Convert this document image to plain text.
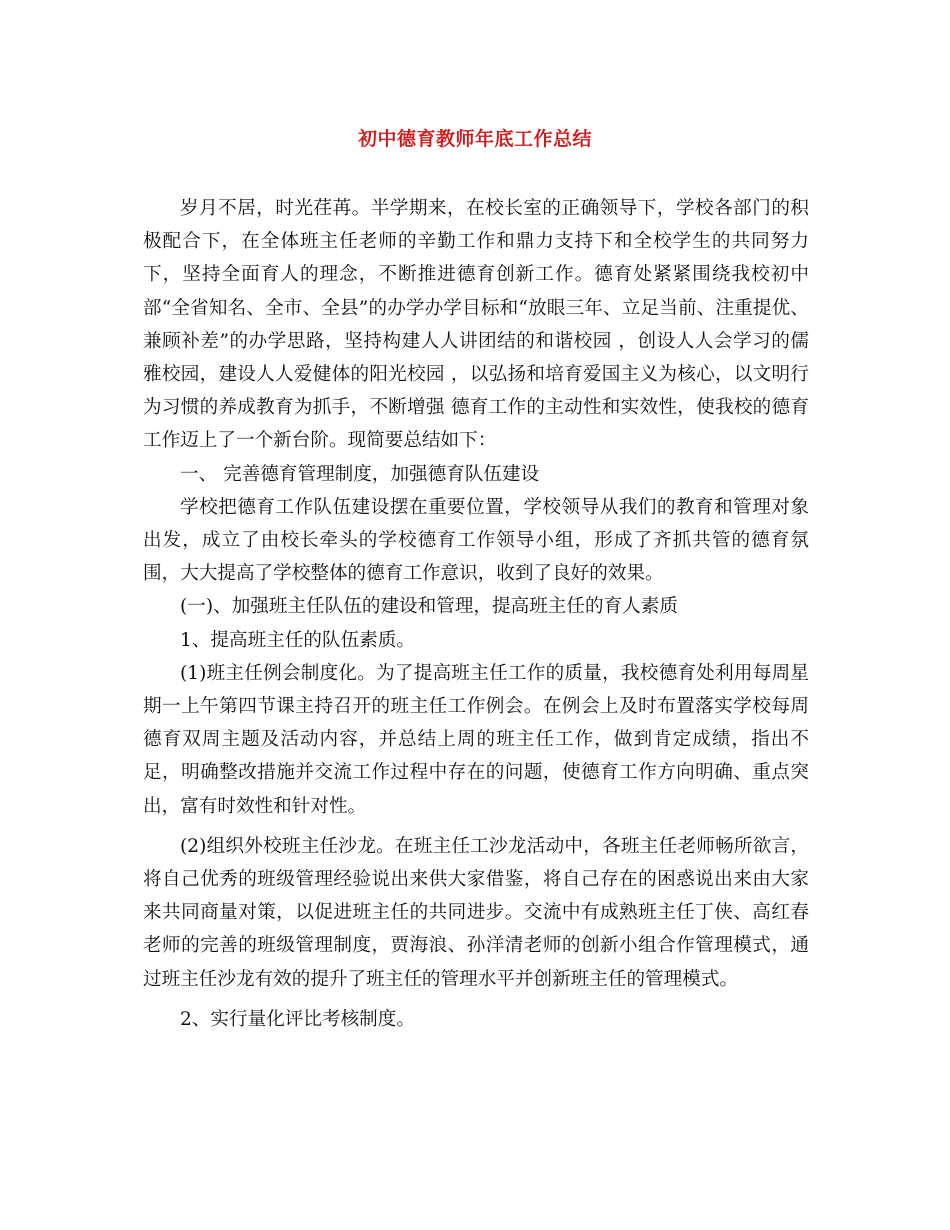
初中德育教师年底工作总结

岁月不居，时光荏苒。半学期来，在校长室的正确领导下，学校各部门的积极配合下，在全体班主任老师的辛勤工作和鼎力支持下和全校学生的共同努力下，坚持全面育人的理念，不断推进德育创新工作。德育处紧紧围绕我校初中部“全省知名、全市、全县”的办学办学目标和“放眼三年、立足当前、注重提优、兼顾补差”的办学思路，坚持构建人人讲团结的和谐校园 ，创设人人会学习的儒雅校园，建设人人爱健体的阳光校园 ，以弘扬和培育爱国主义为核心，以文明行为习惯的养成教育为抓手，不断增强 德育工作的主动性和实效性，使我校的德育工作迈上了一个新台阶。现简要总结如下：

一、 完善德育管理制度，加强德育队伍建设

学校把德育工作队伍建设摆在重要位置，学校领导从我们的教育和管理对象出发，成立了由校长牵头的学校德育工作领导小组，形成了齐抓共管的德育氛围，大大提高了学校整体的德育工作意识，收到了良好的效果。

(一)、加强班主任队伍的建设和管理，提高班主任的育人素质

1、提高班主任的队伍素质。

(1)班主任例会制度化。为了提高班主任工作的质量，我校德育处利用每周星期一上午第四节课主持召开的班主任工作例会。在例会上及时布置落实学校每周德育双周主题及活动内容，并总结上周的班主任工作，做到肯定成绩，指出不足，明确整改措施并交流工作过程中存在的问题，使德育工作方向明确、重点突出，富有时效性和针对性。

(2)组织外校班主任沙龙。在班主任工沙龙活动中，各班主任老师畅所欲言，将自己优秀的班级管理经验说出来供大家借鉴，将自己存在的困惑说出来由大家来共同商量对策，以促进班主任的共同进步。交流中有成熟班主任丁侠、高红春老师的完善的班级管理制度，贾海浪、孙洋清老师的创新小组合作管理模式，通过班主任沙龙有效的提升了班主任的管理水平并创新班主任的管理模式。

2、实行量化评比考核制度。
